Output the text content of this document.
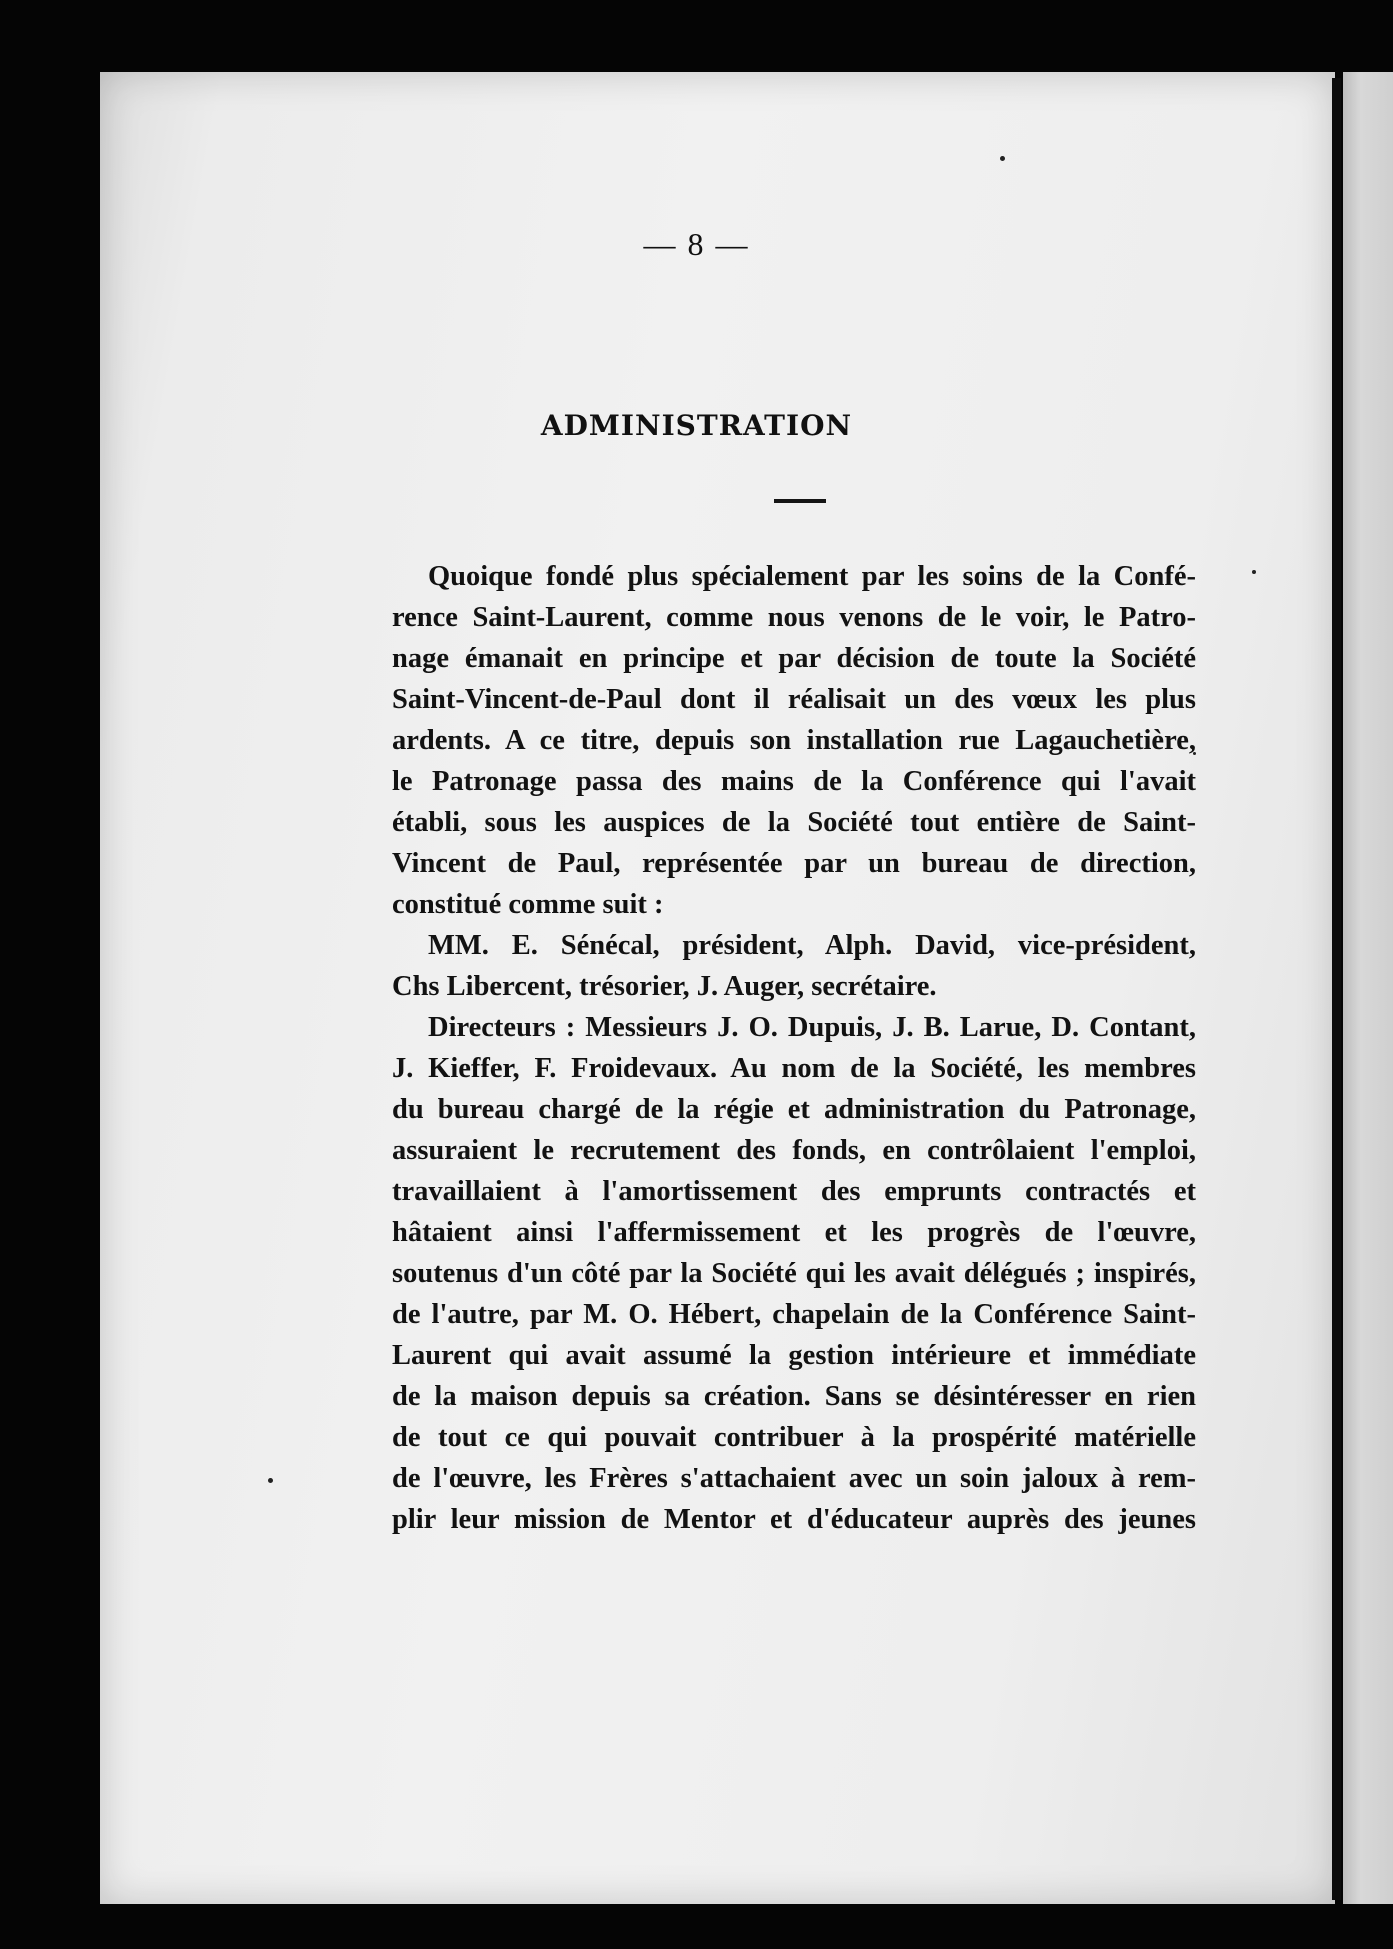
— 8 —
ADMINISTRATION
Quoique fondé plus spécialement par les soins de la Confé-
rence Saint-Laurent, comme nous venons de le voir, le Patro-
nage émanait en principe et par décision de toute la Société
Saint-Vincent-de-Paul dont il réalisait un des vœux les plus
ardents. A ce titre, depuis son installation rue Lagauchetière,
le Patronage passa des mains de la Conférence qui l'avait
établi, sous les auspices de la Société tout entière de Saint-
Vincent de Paul, représentée par un bureau de direction,
constitué comme suit :
MM. E. Sénécal, président, Alph. David, vice-président,
Chs Libercent, trésorier, J. Auger, secrétaire.
Directeurs : Messieurs J. O. Dupuis, J. B. Larue, D. Contant,
J. Kieffer, F. Froidevaux. Au nom de la Société, les membres
du bureau chargé de la régie et administration du Patronage,
assuraient le recrutement des fonds, en contrôlaient l'emploi,
travaillaient à l'amortissement des emprunts contractés et
hâtaient ainsi l'affermissement et les progrès de l'œuvre,
soutenus d'un côté par la Société qui les avait délégués ; inspirés,
de l'autre, par M. O. Hébert, chapelain de la Conférence Saint-
Laurent qui avait assumé la gestion intérieure et immédiate
de la maison depuis sa création. Sans se désintéresser en rien
de tout ce qui pouvait contribuer à la prospérité matérielle
de l'œuvre, les Frères s'attachaient avec un soin jaloux à rem-
plir leur mission de Mentor et d'éducateur auprès des jeunes
